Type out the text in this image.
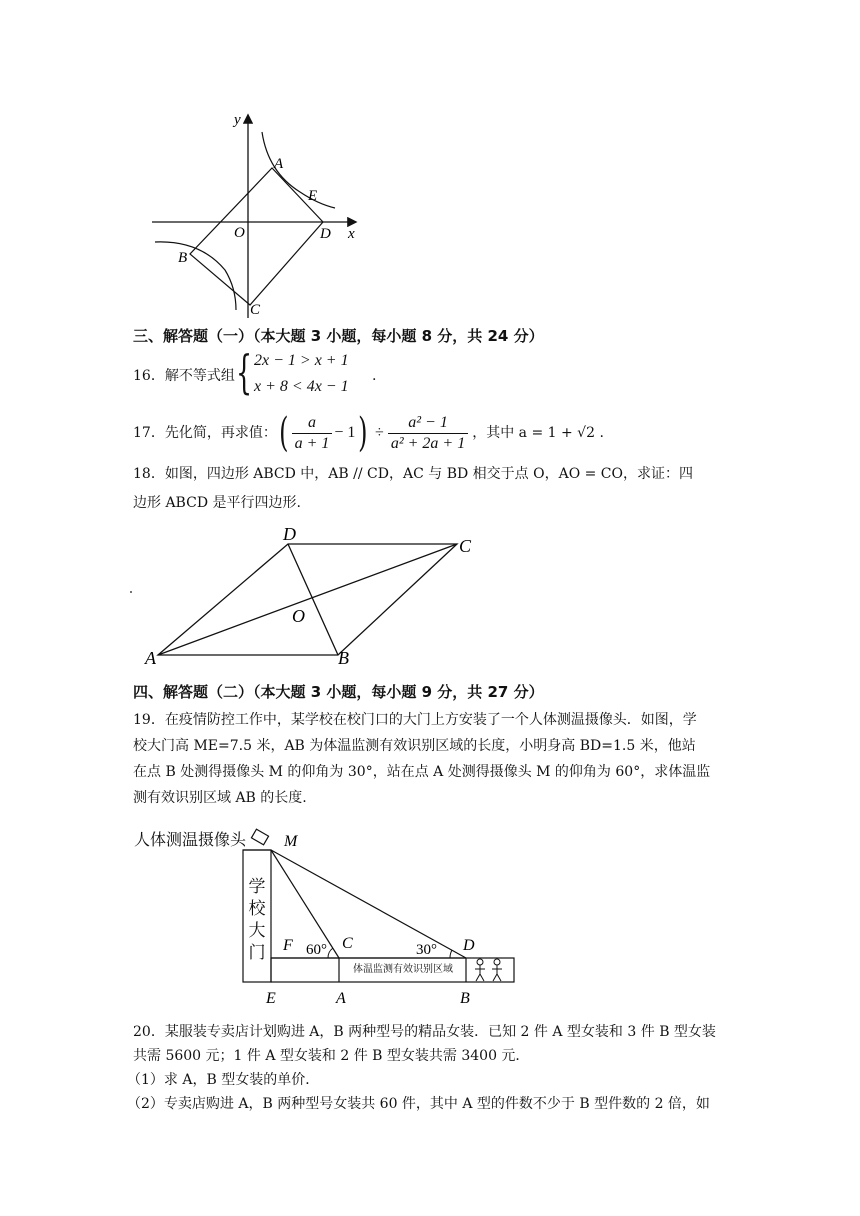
y
x
A
E
O	D
B
C
三、解答题（一）（本大题 3 小题，每小题 8 分，共 24 分）
16．解不等式组 { 2x − 1 > x + 1
x + 8 < 4x − 1
.
17．先化简，再求值： ( $\frac{a}{a + 1} - 1$ ) ÷ $\frac{\text{a² − 1}}{\text{a² + 2a + 1}}$ ，其中 a = 1 + √2 .
18．如图，四边形 ABCD 中，AB // CD，AC 与 BD 相交于点 O，AO = CO，求证：四
边形 ABCD 是平行四边形.
A	B
C
D
O
四、解答题（二）（本大题 3 小题，每小题 9 分，共 27 分）
19．在疫情防控工作中，某学校在校门口的大门上方安装了一个人体测温摄像头．如图，学
校大门高 ME=7.5 米，AB 为体温监测有效识别区域的长度，小明身高 BD=1.5 米，他站
在点 B 处测得摄像头 M 的仰角为 30°，站在点 A 处测得摄像头 M 的仰角为 60°，求体温监
测有效识别区域 AB 的长度.
人体测温摄像头 M
F	C	D
E	A	B
60°	30°
学
校
大
门
体温监测有效识别区域
20．某服装专卖店计划购进 A，B 两种型号的精品女装．已知 2 件 A 型女装和 3 件 B 型女装
共需 5600 元；1 件 A 型女装和 2 件 B 型女装共需 3400 元．
（1）求 A，B 型女装的单价．
（2）专卖店购进 A，B 两种型号女装共 60 件，其中 A 型的件数不少于 B 型件数的 2 倍，如
